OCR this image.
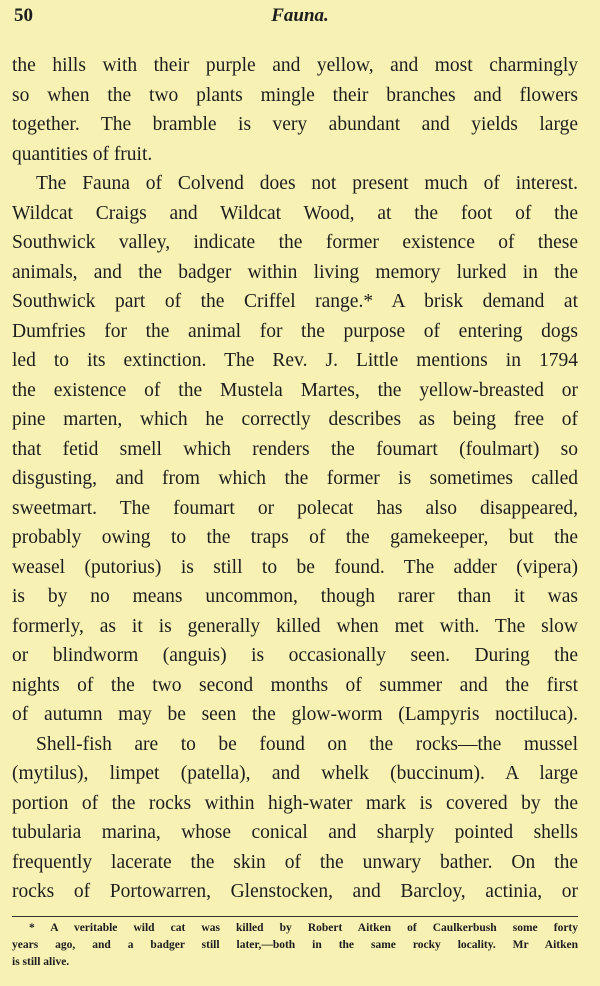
50	Fauna.
the hills with their purple and yellow, and most charmingly
so when the two plants mingle their branches and flowers
together. The bramble is very abundant and yields large
quantities of fruit.
The Fauna of Colvend does not present much of interest.
Wildcat Craigs and Wildcat Wood, at the foot of the
Southwick valley, indicate the former existence of these
animals, and the badger within living memory lurked in the
Southwick part of the Criffel range.* A brisk demand at
Dumfries for the animal for the purpose of entering dogs
led to its extinction. The Rev. J. Little mentions in 1794
the existence of the Mustela Martes, the yellow-breasted or
pine marten, which he correctly describes as being free of
that fetid smell which renders the foumart (foulmart) so
disgusting, and from which the former is sometimes called
sweetmart. The foumart or polecat has also disappeared,
probably owing to the traps of the gamekeeper, but the
weasel (putorius) is still to be found. The adder (vipera)
is by no means uncommon, though rarer than it was
formerly, as it is generally killed when met with. The slow
or blindworm (anguis) is occasionally seen. During the
nights of the two second months of summer and the first
of autumn may be seen the glow-worm (Lampyris noctiluca).
Shell-fish are to be found on the rocks—the mussel
(mytilus), limpet (patella), and whelk (buccinum). A large
portion of the rocks within high-water mark is covered by the
tubularia marina, whose conical and sharply pointed shells
frequently lacerate the skin of the unwary bather. On the
rocks of Portowarren, Glenstocken, and Barcloy, actinia, or
* A veritable wild cat was killed by Robert Aitken of Caulkerbush some forty
years ago, and a badger still later,—both in the same rocky locality. Mr Aitken
is still alive.
